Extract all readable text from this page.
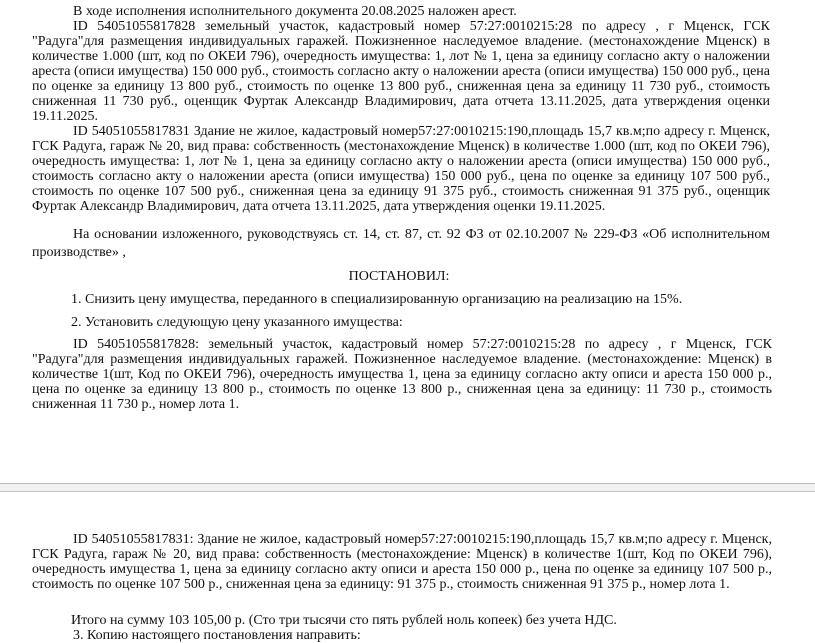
В ходе исполнения исполнительного документа 20.08.2025 наложен арест.

ID 54051055817828 земельный участок, кадастровый номер 57:27:0010215:28 по адресу , г Мценск, ГСК "Радуга"для размещения индивидуальных гаражей. Пожизненное наследуемое владение. (местонахождение Мценск) в количестве 1.000 (шт, код по ОКЕИ 796), очередность имущества: 1, лот № 1, цена за единицу согласно акту о наложении ареста (описи имущества) 150 000 руб., стоимость согласно акту о наложении ареста (описи имущества) 150 000 руб., цена по оценке за единицу 13 800 руб., стоимость по оценке 13 800 руб., сниженная цена за единицу 11 730 руб., стоимость сниженная 11 730 руб., оценщик Фуртак Александр Владимирович, дата отчета 13.11.2025, дата утверждения оценки 19.11.2025.

ID 54051055817831 Здание не жилое, кадастровый номер57:27:0010215:190,площадь 15,7 кв.м;по адресу г. Мценск, ГСК Радуга, гараж № 20, вид права: собственность (местонахождение Мценск) в количестве 1.000 (шт, код по ОКЕИ 796), очередность имущества: 1, лот № 1, цена за единицу согласно акту о наложении ареста (описи имущества) 150 000 руб., стоимость согласно акту о наложении ареста (описи имущества) 150 000 руб., цена по оценке за единицу 107 500 руб., стоимость по оценке 107 500 руб., сниженная цена за единицу 91 375 руб., стоимость сниженная 91 375 руб., оценщик Фуртак Александр Владимирович, дата отчета 13.11.2025, дата утверждения оценки 19.11.2025.

На основании изложенного, руководствуясь ст. 14, ст. 87, ст. 92 ФЗ от 02.10.2007 № 229-ФЗ «Об исполнительном производстве» ,

ПОСТАНОВИЛ:

1. Снизить цену имущества, переданного в специализированную организацию на реализацию на 15%.

2. Установить следующую цену указанного имущества:

ID 54051055817828: земельный участок, кадастровый номер 57:27:0010215:28 по адресу , г Мценск, ГСК "Радуга"для размещения индивидуальных гаражей. Пожизненное наследуемое владение. (местонахождение: Мценск) в количестве 1(шт, Код по ОКЕИ 796), очередность имущества 1, цена за единицу согласно акту описи и ареста 150 000 р., цена по оценке за единицу 13 800 р., стоимость по оценке 13 800 р., сниженная цена за единицу: 11 730 р., стоимость сниженная 11 730 р., номер лота 1.

ID 54051055817831: Здание не жилое, кадастровый номер57:27:0010215:190,площадь 15,7 кв.м;по адресу г. Мценск, ГСК Радуга, гараж № 20, вид права: собственность (местонахождение: Мценск) в количестве 1(шт, Код по ОКЕИ 796), очередность имущества 1, цена за единицу согласно акту описи и ареста 150 000 р., цена по оценке за единицу 107 500 р., стоимость по оценке 107 500 р., сниженная цена за единицу: 91 375 р., стоимость сниженная 91 375 р., номер лота 1.

Итого на сумму 103 105,00 р. (Сто три тысячи сто пять рублей ноль копеек) без учета НДС.

3. Копию настоящего постановления направить:
